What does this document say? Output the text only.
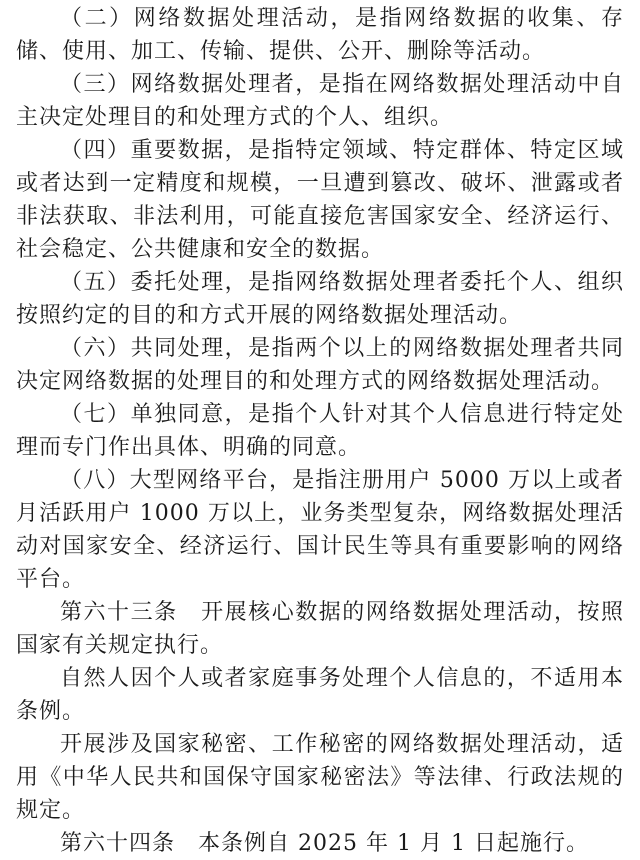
（二）网络数据处理活动，是指网络数据的收集、存储、使用、加工、传输、提供、公开、删除等活动。

（三）网络数据处理者，是指在网络数据处理活动中自主决定处理目的和处理方式的个人、组织。

（四）重要数据，是指特定领域、特定群体、特定区域或者达到一定精度和规模，一旦遭到篡改、破坏、泄露或者非法获取、非法利用，可能直接危害国家安全、经济运行、社会稳定、公共健康和安全的数据。

（五）委托处理，是指网络数据处理者委托个人、组织按照约定的目的和方式开展的网络数据处理活动。

（六）共同处理，是指两个以上的网络数据处理者共同决定网络数据的处理目的和处理方式的网络数据处理活动。

（七）单独同意，是指个人针对其个人信息进行特定处理而专门作出具体、明确的同意。

（八）大型网络平台，是指注册用户 5000 万以上或者月活跃用户 1000 万以上，业务类型复杂，网络数据处理活动对国家安全、经济运行、国计民生等具有重要影响的网络平台。

第六十三条　开展核心数据的网络数据处理活动，按照国家有关规定执行。

自然人因个人或者家庭事务处理个人信息的，不适用本条例。

开展涉及国家秘密、工作秘密的网络数据处理活动，适用《中华人民共和国保守国家秘密法》等法律、行政法规的规定。

第六十四条　本条例自 2025 年 1 月 1 日起施行。
